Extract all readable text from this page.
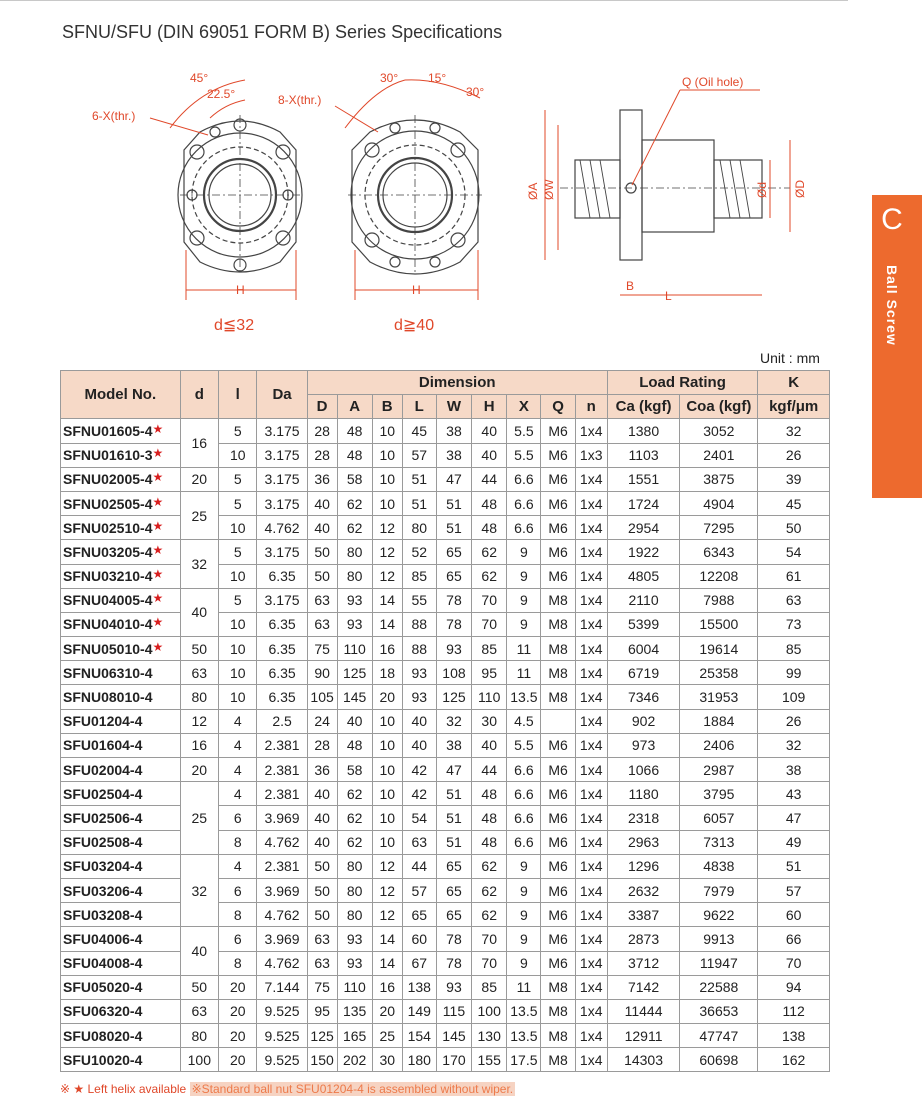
SFNU/SFU (DIN 69051 FORM B) Series Specifications
6-X(thr.)
45°
22.5°
H
8-X(thr.)
30° 15°
30°
H
Q (Oil hole)
ØA ØW	Ød ØD
B
L
d≦32	d≧40
C
Ball Screw
Unit : mm
Model No.	d	l	Da	Dimension									Load Rating		K
				D	A	B	L	W	H	X	Q	n	Ca (kgf)	Coa (kgf)	kgf/μm
SFNU01605-4★	16	5	3.175	28	48	10	45	38	40	5.5	M6	1x4	1380	3052	32
SFNU01610-3★		10	3.175	28	48	10	57	38	40	5.5	M6	1x3	1103	2401	26
SFNU02005-4★	20	5	3.175	36	58	10	51	47	44	6.6	M6	1x4	1551	3875	39
SFNU02505-4★	25	5	3.175	40	62	10	51	51	48	6.6	M6	1x4	1724	4904	45
SFNU02510-4★		10	4.762	40	62	12	80	51	48	6.6	M6	1x4	2954	7295	50
SFNU03205-4★	32	5	3.175	50	80	12	52	65	62	9	M6	1x4	1922	6343	54
SFNU03210-4★		10	6.35	50	80	12	85	65	62	9	M6	1x4	4805	12208	61
SFNU04005-4★	40	5	3.175	63	93	14	55	78	70	9	M8	1x4	2110	7988	63
SFNU04010-4★		10	6.35	63	93	14	88	78	70	9	M8	1x4	5399	15500	73
SFNU05010-4★	50	10	6.35	75	110	16	88	93	85	11	M8	1x4	6004	19614	85
SFNU06310-4	63	10	6.35	90	125	18	93	108	95	11	M8	1x4	6719	25358	99
SFNU08010-4	80	10	6.35	105	145	20	93	125	110	13.5	M8	1x4	7346	31953	109
SFU01204-4	12	4	2.5	24	40	10	40	32	30	4.5		1x4	902	1884	26
SFU01604-4	16	4	2.381	28	48	10	40	38	40	5.5	M6	1x4	973	2406	32
SFU02004-4	20	4	2.381	36	58	10	42	47	44	6.6	M6	1x4	1066	2987	38
SFU02504-4	25	4	2.381	40	62	10	42	51	48	6.6	M6	1x4	1180	3795	43
SFU02506-4		6	3.969	40	62	10	54	51	48	6.6	M6	1x4	2318	6057	47
SFU02508-4		8	4.762	40	62	10	63	51	48	6.6	M6	1x4	2963	7313	49
SFU03204-4	32	4	2.381	50	80	12	44	65	62	9	M6	1x4	1296	4838	51
SFU03206-4		6	3.969	50	80	12	57	65	62	9	M6	1x4	2632	7979	57
SFU03208-4		8	4.762	50	80	12	65	65	62	9	M6	1x4	3387	9622	60
SFU04006-4	40	6	3.969	63	93	14	60	78	70	9	M6	1x4	2873	9913	66
SFU04008-4		8	4.762	63	93	14	67	78	70	9	M6	1x4	3712	11947	70
SFU05020-4	50	20	7.144	75	110	16	138	93	85	11	M8	1x4	7142	22588	94
SFU06320-4	63	20	9.525	95	135	20	149	115	100	13.5	M8	1x4	11444	36653	112
SFU08020-4	80	20	9.525	125	165	25	154	145	130	13.5	M8	1x4	12911	47747	138
SFU10020-4	100	20	9.525	150	202	30	180	170	155	17.5	M8	1x4	14303	60698	162
※ ★ Left helix available ※Standard ball nut SFU01204-4 is assembled without wiper.
